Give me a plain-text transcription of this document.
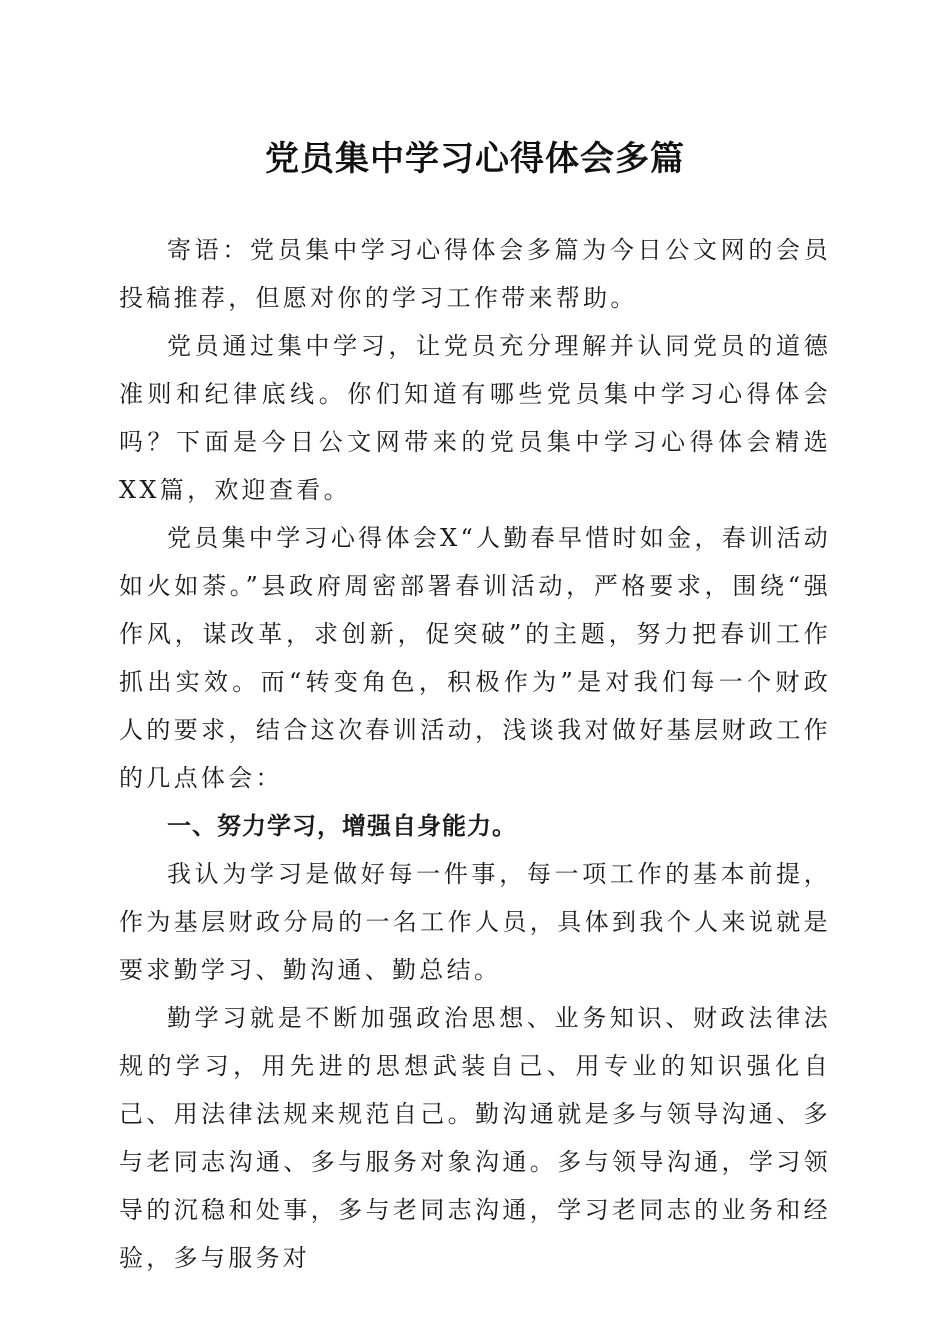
党员集中学习心得体会多篇

寄语：党员集中学习心得体会多篇为今日公文网的会员投稿推荐，但愿对你的学习工作带来帮助。

党员通过集中学习，让党员充分理解并认同党员的道德准则和纪律底线。你们知道有哪些党员集中学习心得体会吗？下面是今日公文网带来的党员集中学习心得体会精选XX篇，欢迎查看。

党员集中学习心得体会X“人勤春早惜时如金，春训活动如火如荼。”县政府周密部署春训活动，严格要求，围绕“强作风，谋改革，求创新，促突破”的主题，努力把春训工作抓出实效。而“转变角色，积极作为”是对我们每一个财政人的要求，结合这次春训活动，浅谈我对做好基层财政工作的几点体会：

一、努力学习，增强自身能力。

我认为学习是做好每一件事，每一项工作的基本前提，作为基层财政分局的一名工作人员，具体到我个人来说就是要求勤学习、勤沟通、勤总结。

勤学习就是不断加强政治思想、业务知识、财政法律法规的学习，用先进的思想武装自己、用专业的知识强化自己、用法律法规来规范自己。勤沟通就是多与领导沟通、多与老同志沟通、多与服务对象沟通。多与领导沟通，学习领导的沉稳和处事，多与老同志沟通，学习老同志的业务和经验，多与服务对
